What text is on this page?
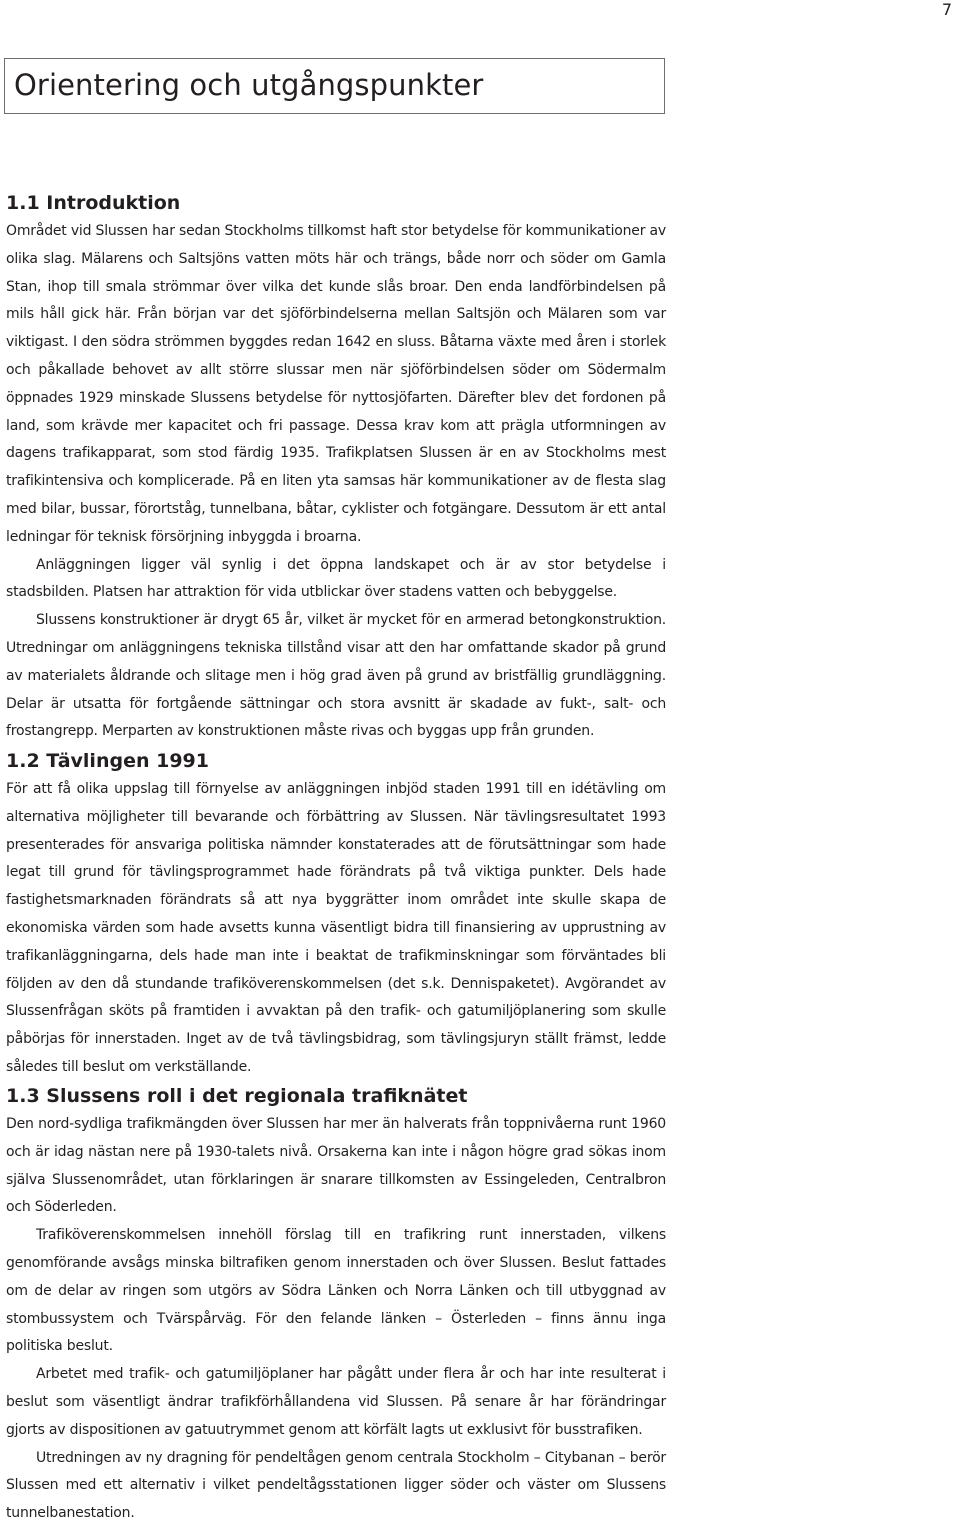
7
Orientering och utgångspunkter
1.1 Introduktion

Området vid Slussen har sedan Stockholms tillkomst haft stor betydelse för kommunikationer av olika slag. Mälarens och Saltsjöns vatten möts här och trängs, både norr och söder om Gamla Stan, ihop till smala strömmar över vilka det kunde slås broar. Den enda landförbindelsen på mils håll gick här. Från början var det sjöförbindelserna mellan Saltsjön och Mälaren som var viktigast. I den södra strömmen byggdes redan 1642 en sluss. Båtarna växte med åren i storlek och påkallade behovet av allt större slussar men när sjöförbindelsen söder om Södermalm öppnades 1929 minskade Slussens betydelse för nyttosjöfarten. Därefter blev det fordonen på land, som krävde mer kapacitet och fri passage. Dessa krav kom att prägla utformningen av dagens trafikapparat, som stod färdig 1935. Trafikplatsen Slussen är en av Stockholms mest trafikintensiva och komplicerade. På en liten yta samsas här kommunikationer av de flesta slag med bilar, bussar, förortståg, tunnelbana, båtar, cyklister och fotgängare. Dessutom är ett antal ledningar för teknisk försörjning inbyggda i broarna.

Anläggningen ligger väl synlig i det öppna landskapet och är av stor betydelse i stadsbilden. Platsen har attraktion för vida utblickar över stadens vatten och bebyggelse.

Slussens konstruktioner är drygt 65 år, vilket är mycket för en armerad betongkonstruktion. Utredningar om anläggningens tekniska tillstånd visar att den har omfattande skador på grund av materialets åldrande och slitage men i hög grad även på grund av bristfällig grundläggning. Delar är utsatta för fortgående sättningar och stora avsnitt är skadade av fukt-, salt- och frostangrepp. Merparten av konstruktionen måste rivas och byggas upp från grunden.

1.2 Tävlingen 1991

För att få olika uppslag till förnyelse av anläggningen inbjöd staden 1991 till en idétävling om alternativa möjligheter till bevarande och förbättring av Slussen. När tävlingsresultatet 1993 presenterades för ansvariga politiska nämnder konstaterades att de förutsättningar som hade legat till grund för tävlingsprogrammet hade förändrats på två viktiga punkter. Dels hade fastighetsmarknaden förändrats så att nya byggrätter inom området inte skulle skapa de ekonomiska värden som hade avsetts kunna väsentligt bidra till finansiering av upprustning av trafikanläggningarna, dels hade man inte i beaktat de trafikminskningar som förväntades bli följden av den då stundande trafiköverenskommelsen (det s.k. Dennispaketet). Avgörandet av Slussenfrågan sköts på framtiden i avvaktan på den trafik- och gatumiljöplanering som skulle påbörjas för innerstaden. Inget av de två tävlingsbidrag, som tävlingsjuryn ställt främst, ledde således till beslut om verkställande.

1.3 Slussens roll i det regionala trafiknätet

Den nord-sydliga trafikmängden över Slussen har mer än halverats från toppnivåerna runt 1960 och är idag nästan nere på 1930-talets nivå. Orsakerna kan inte i någon högre grad sökas inom själva Slussenområdet, utan förklaringen är snarare tillkomsten av Essingeleden, Centralbron och Söderleden.

Trafiköverenskommelsen innehöll förslag till en trafikring runt innerstaden, vilkens genomförande avsågs minska biltrafiken genom innerstaden och över Slussen. Beslut fattades om de delar av ringen som utgörs av Södra Länken och Norra Länken och till utbyggnad av stombussystem och Tvärspårväg. För den felande länken – Österleden – finns ännu inga politiska beslut.

Arbetet med trafik- och gatumiljöplaner har pågått under flera år och har inte resulterat i beslut som väsentligt ändrar trafikförhållandena vid Slussen. På senare år har förändringar gjorts av dispositionen av gatuutrymmet genom att körfält lagts ut exklusivt för busstrafiken.

Utredningen av ny dragning för pendeltågen genom centrala Stockholm – Citybanan – berör Slussen med ett alternativ i vilket pendeltågsstationen ligger söder och väster om Slussens tunnelbanestation.
